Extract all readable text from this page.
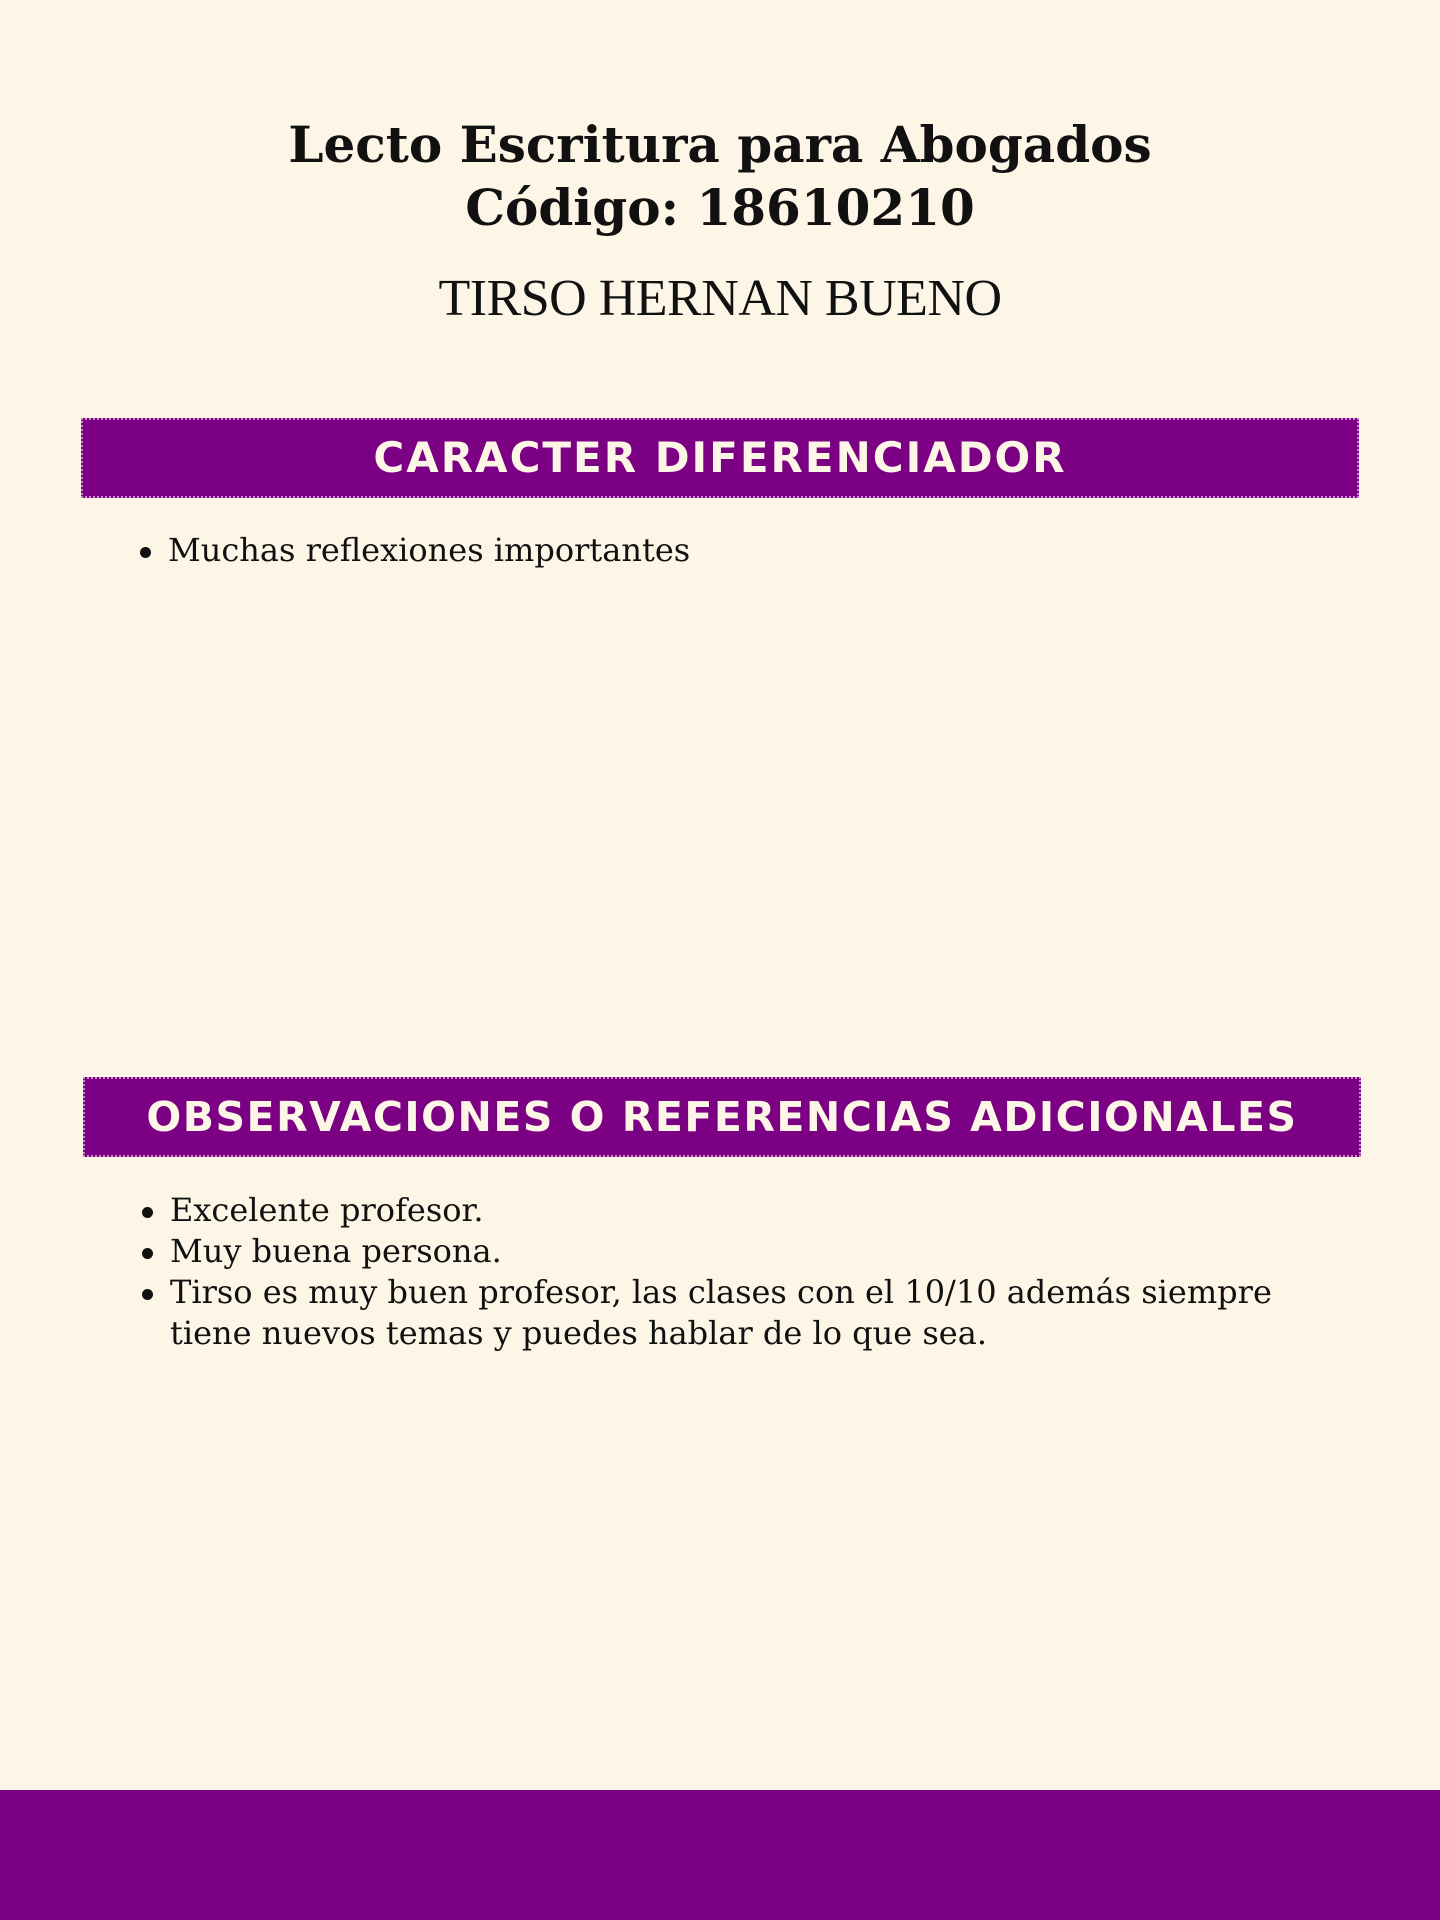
Lecto Escritura para Abogados
Código: 18610210
TIRSO HERNAN BUENO
CARACTER DIFERENCIADOR
Muchas reflexiones importantes
OBSERVACIONES O REFERENCIAS ADICIONALES
Excelente profesor.
Muy buena persona.
Tirso es muy buen profesor, las clases con el 10/10 además siempre tiene nuevos temas y puedes hablar de lo que sea.
